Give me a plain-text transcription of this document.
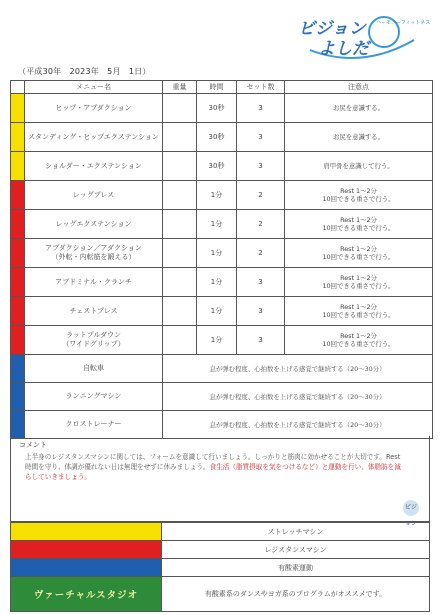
ビジョン
よしだ
ハーモニーフィットネス
（平成30年　2023年　5月　1日）
	メニュー名	重量	時間	セット数	注意点
	ヒップ・アブダクション		30秒	3	お尻を意識する。
	スタンディング・ヒップエクステンション		30秒	3	お尻を意識する。
	ショルダー・エクステンション		30秒	3	肩甲骨を意識して行う。
	レッグプレス		1分	2	Rest 1〜2分
10回できる重さで行う。
	レッグエクステンション		1分	2	Rest 1〜2分
10回できる重さで行う。
	アブダクション／アダクション
（外転・内転筋を鍛える）		1分	2	Rest 1〜2分
10回できる重さで行う。
	アブドミナル・クランチ		1分	3	Rest 1〜2分
10回できる重さで行う。
	チェストプレス		1分	3	Rest 1〜2分
10回できる重さで行う。
	ラットプルダウン
（ワイドグリップ）		1分	3	Rest 1〜2分
10回できる重さで行う。
	自転車	息が弾む程度、心拍数を上げる感覚で継続する（20〜30分）			
	ランニングマシン	息が弾む程度、心拍数を上げる感覚で継続する（20〜30分）			
	クロストレーナー	息が弾む程度、心拍数を上げる感覚で継続する（20〜30分）			
コメント
上半身のレジスタンスマシンに関しては、フォームを意識して行いましょう。しっかりと筋肉に効かせることが大切です。Rest時間を守り、体調が優れない日は無理をせずに休みましょう。食生活（脂質摂取を気をつけるなど）と運動を行い、体脂肪を減らしていきましょう。
ビジョン
	ストレッチマシン
	レジスタンスマシン
	有酸素運動
ヴァーチャルスタジオ	有酸素系のダンスやヨガ系のプログラムがオススメです。
